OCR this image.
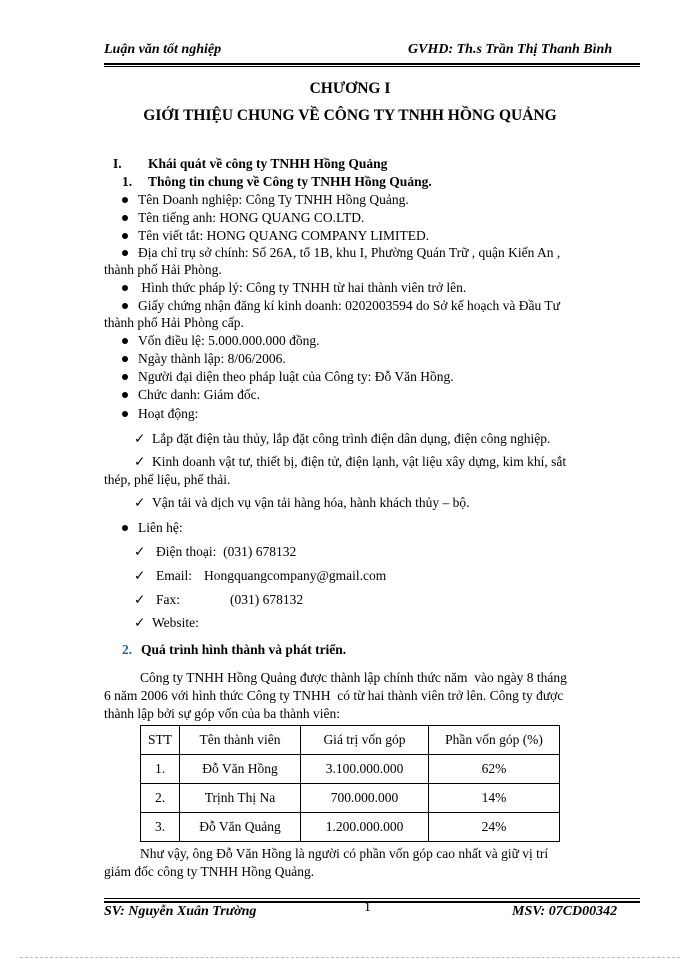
Luận văn tốt nghiệp	GVHD: Th.s Trần Thị Thanh Bình
CHƯƠNG I
GIỚI THIỆU CHUNG VỀ CÔNG TY TNHH HỒNG QUẢNG
I. Khái quát về công ty TNHH Hồng Quảng
1. Thông tin chung về Công ty TNHH Hồng Quảng.
Tên Doanh nghiệp: Công Ty TNHH Hồng Quảng.
Tên tiếng anh: HONG QUANG CO.LTD.
Tên viết tắt: HONG QUANG COMPANY LIMITED.
Địa chỉ trụ sở chính: Số 26A, tổ 1B, khu I, Phường Quán Trữ , quận Kiến An ,
thành phố Hải Phòng.
Hình thức pháp lý: Công ty TNHH từ hai thành viên trở lên.
Giấy chứng nhận đăng kí kinh doanh: 0202003594 do Sở kế hoạch và Đầu Tư
thành phố Hải Phòng cấp.
Vốn điều lệ: 5.000.000.000 đồng.
Ngày thành lập: 8/06/2006.
Người đại diện theo pháp luật của Công ty: Đỗ Văn Hồng.
Chức danh: Giám đốc.
Hoạt động:
✓ Lắp đặt điện tàu thủy, lắp đặt công trình điện dân dụng, điện công nghiệp.
✓ Kinh doanh vật tư, thiết bị, điện tử, điện lạnh, vật liệu xây dựng, kim khí, sắt
thép, phế liệu, phế thải.
✓ Vận tải và dịch vụ vận tải hàng hóa, hành khách thủy – bộ.
Liên hệ:
✓ Điện thoại:  (031) 678132
✓ Email: Hongquangcompany@gmail.com
✓ Fax:	(031) 678132
✓ Website:
2. Quá trình hình thành và phát triển.
Công ty TNHH Hồng Quảng được thành lập chính thức năm  vào ngày 8 tháng
6 năm 2006 với hình thức Công ty TNHH  có từ hai thành viên trở lên. Công ty được
thành lập bởi sự góp vốn của ba thành viên:
STT	Tên thành viên	Giá trị vốn góp	Phần vốn góp (%)
1.	Đỗ Văn Hồng	3.100.000.000	62%
2.	Trịnh Thị Na	700.000.000	14%
3.	Đỗ Văn Quảng	1.200.000.000	24%
Như vậy, ông Đỗ Văn Hồng là người có phần vốn góp cao nhất và giữ vị trí
giám đốc công ty TNHH Hồng Quảng.
SV: Nguyễn Xuân Trường	1	MSV: 07CD00342
